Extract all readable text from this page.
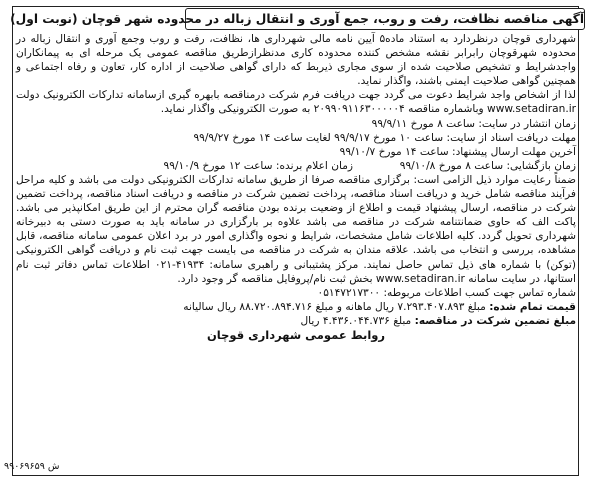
آگهی مناقصه نظافت، رفت و روب، جمع آوری و انتقال زباله در محدوده شهر قوچان (نوبت اول)

شهرداری قوچان درنظردارد به استناد ماده۵ آیین نامه مالی شهرداری ها، نظافت، رفت و روب وجمع آوری و انتقال زباله در محدوده شهرقوچان رابرابر نقشه مشخص کننده محدوده کاری مدنظرازطریق مناقصه عمومی یک مرحله ای به پیمانکاران واجدشرایط و تشخیص صلاحیت شده از سوی مجاری ذیربط که دارای گواهی صلاحیت از اداره کار، تعاون و رفاه اجتماعی و همچنین گواهی صلاحیت ایمنی باشند، واگذار نماید.

لذا از اشخاص واجد شرایط دعوت می گردد جهت دریافت فرم شرکت درمناقصه بابهره گیری ازسامانه تدارکات الکترونیک دولت www.setadiran.ir وباشماره مناقصه ۲۰۹۹۰۹۱۱۶۳۰۰۰۰۰۴ به صورت الکترونیکی واگذار نماید.

زمان انتشار در سایت: ساعت ۸ مورخ ۹۹/۹/۱۱

مهلت دریافت اسناد از سایت: ساعت ۱۰ مورخ ۹۹/۹/۱۷ لغایت ساعت ۱۴ مورخ ۹۹/۹/۲۷

آخرین مهلت ارسال پیشنهاد: ساعت ۱۴ مورخ ۹۹/۱۰/۷

زمان بازگشایی: ساعت ۸ مورخ ۹۹/۱۰/۸  زمان اعلام برنده: ساعت ۱۲ مورخ ۹۹/۱۰/۹

ضمناً رعایت موارد ذیل الزامی است: برگزاری مناقصه صرفا از طریق سامانه تدارکات الکترونیکی دولت می باشد و کلیه مراحل فرآیند مناقصه شامل خرید و دریافت اسناد مناقصه، پرداخت تضمین شرکت در مناقصه و دریافت اسناد مناقصه، پرداخت تضمین شرکت در مناقصه، ارسال پیشنهاد قیمت و اطلاع از وضعیت برنده بودن مناقصه گران محترم از این طریق امکانپذیر می باشد. پاکت الف که حاوی ضمانتنامه شرکت در مناقصه می باشد علاوه بر بارگزاری در سامانه باید به صورت دستی به دبیرخانه شهرداری تحویل گردد. کلیه اطلاعات شامل مشخصات، شرایط و نحوه واگذاری امور در برد اعلان عمومی سامانه مناقصه، قابل مشاهده، بررسی و انتخاب می باشد. علاقه مندان به شرکت در مناقصه می بایست جهت ثبت نام و دریافت گواهی الکترونیکی (توکن) با شماره های ذیل تماس حاصل نمایند. مرکز پشتیبانی و راهبری سامانه: ۴۱۹۳۴-۰۲۱ اطلاعات تماس دفاتر ثبت نام استانها، در سایت سامانه www.setadiran.ir بخش ثبت نام/پروفایل مناقصه گر وجود دارد.

شماره تماس جهت کسب اطلاعات مربوطه: ۰۵۱۴۷۲۱۷۳۰۰

قیمت تمام شده: مبلغ ۷.۲۹۳.۴۰۷.۸۹۳ ریال ماهانه و مبلغ ۸۸.۷۲۰.۸۹۴.۷۱۶ ریال سالیانه

مبلغ تضمین شرکت در مناقصه: مبلغ ۴.۴۳۶.۰۴۴.۷۳۶ ریال

روابط عمومی شهرداری قوچان

ش ۹۹۰۶۹۶۵۹
